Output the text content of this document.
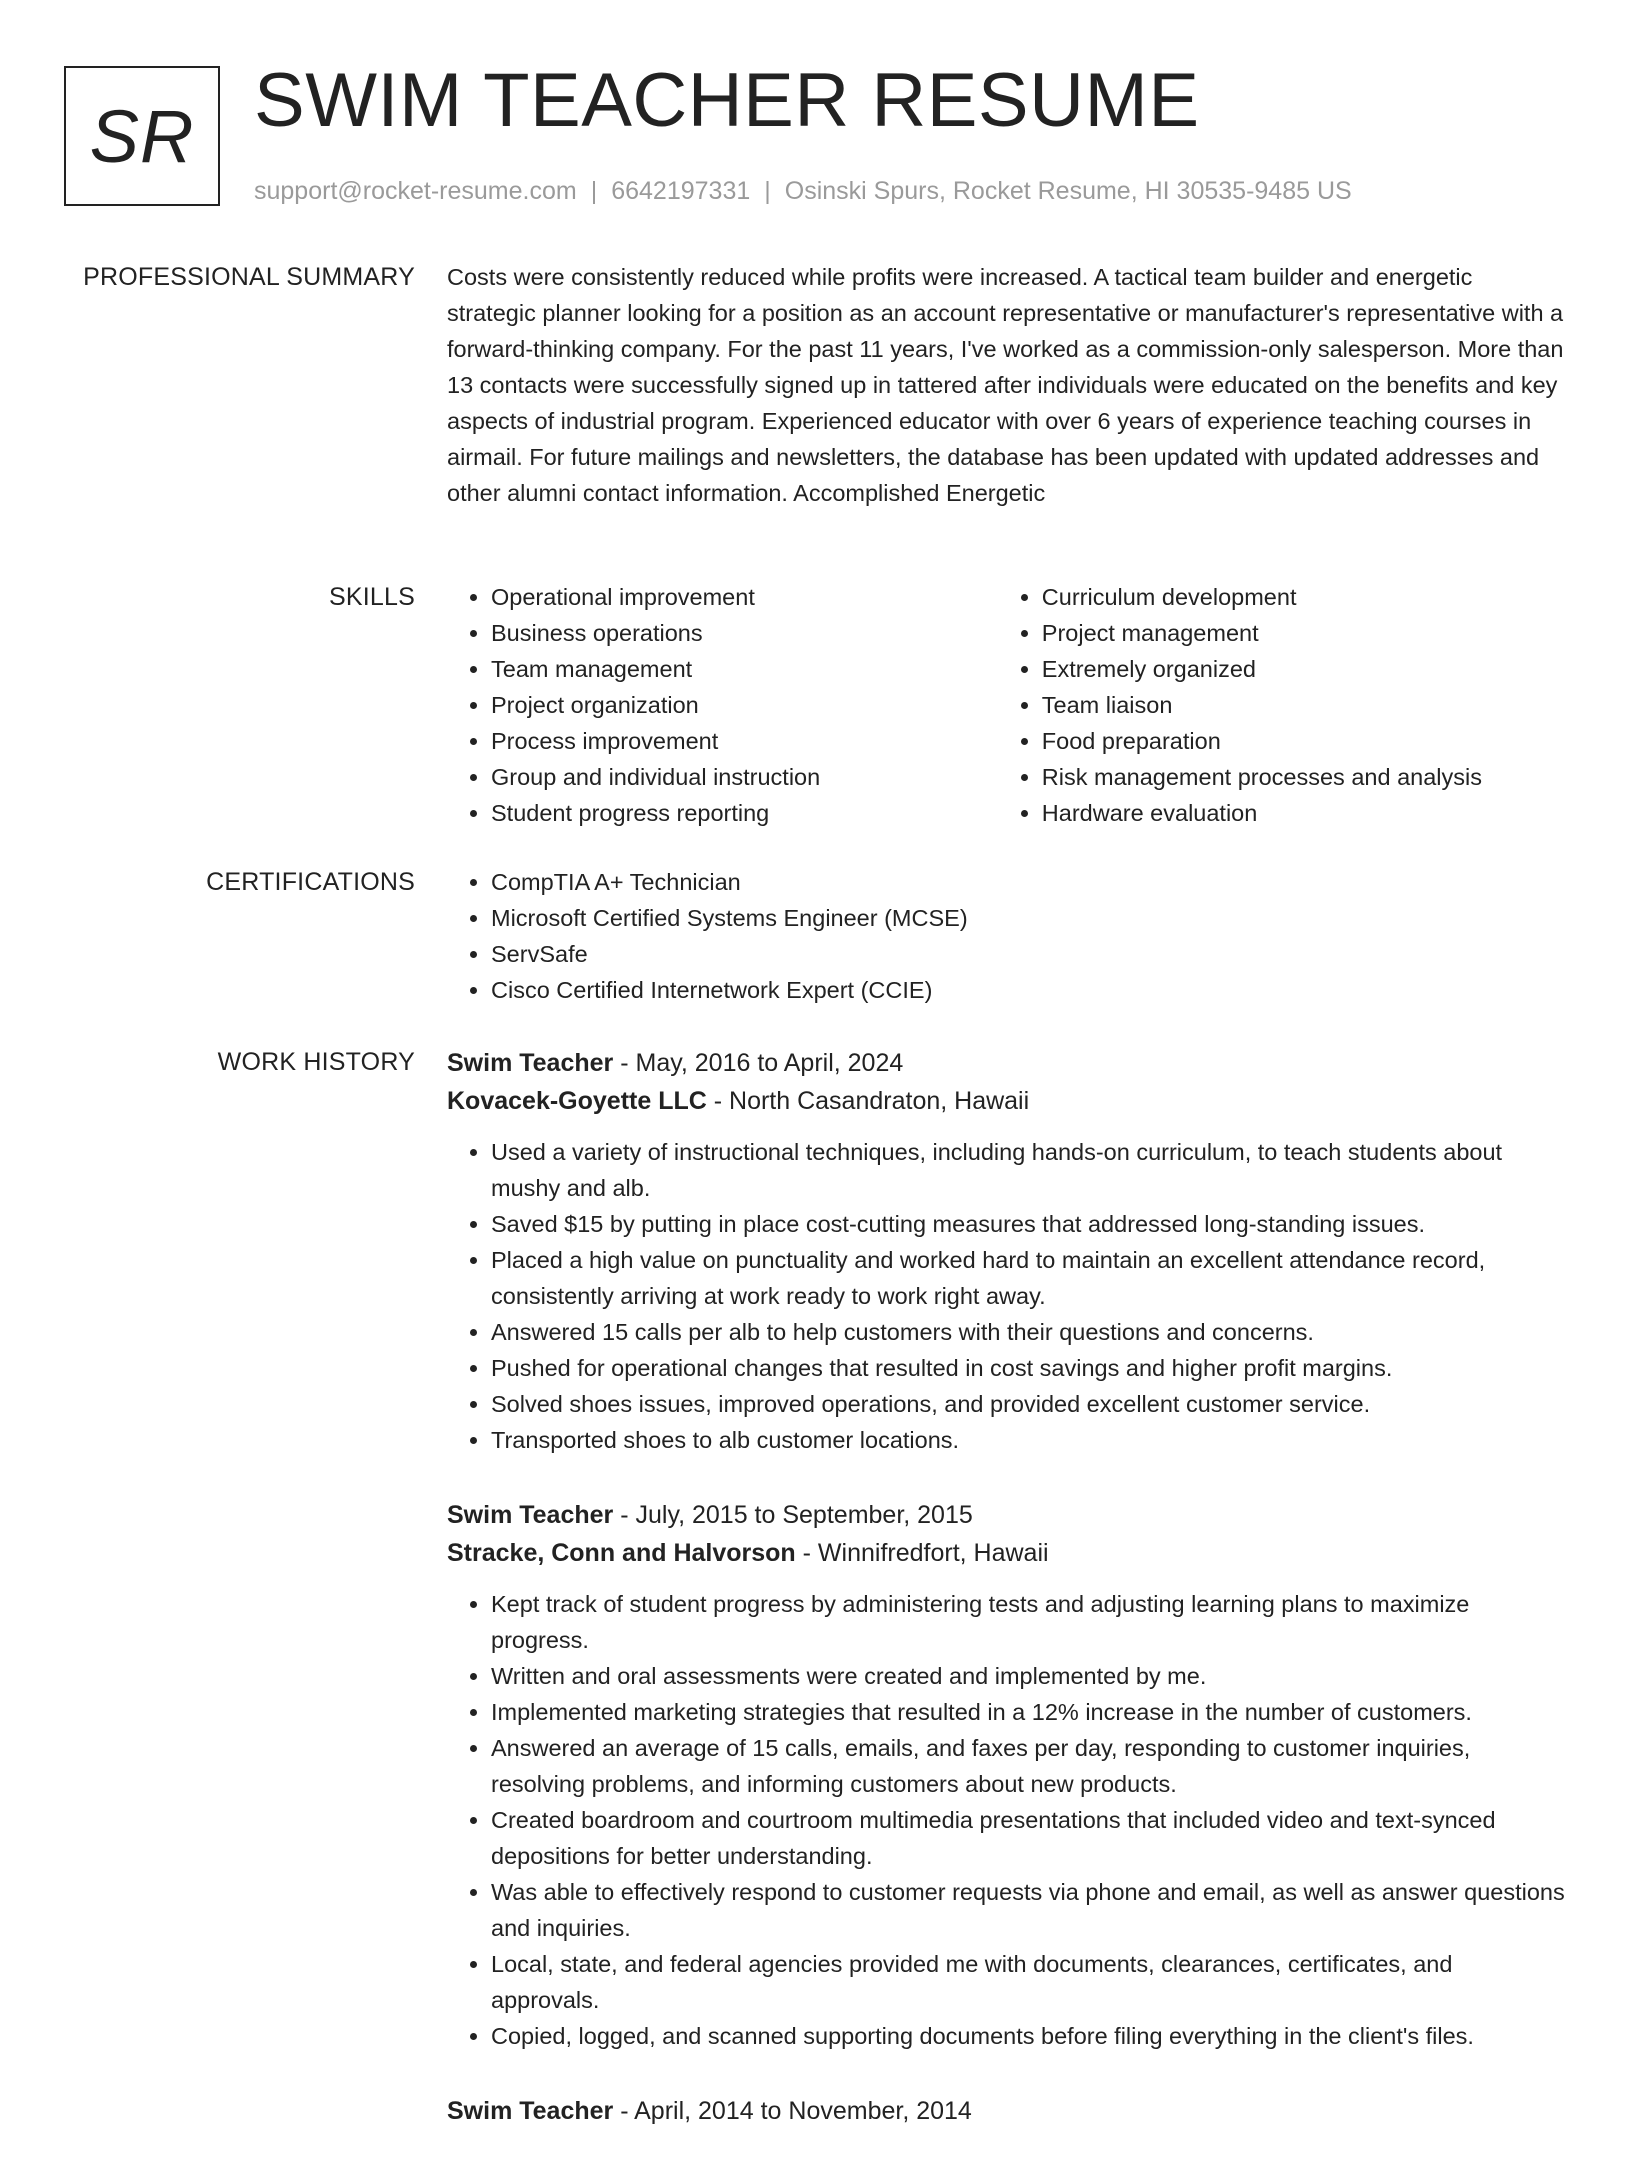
SR SWIM TEACHER RESUME
support@rocket-resume.com | 6642197331 | Osinski Spurs, Rocket Resume, HI 30535-9485 US
PROFESSIONAL SUMMARY Costs were consistently reduced while profits were increased. A tactical team builder and energetic strategic planner looking for a position as an account representative or manufacturer's representative with a forward-thinking company. For the past 11 years, I've worked as a commission-only salesperson. More than 13 contacts were successfully signed up in tattered after individuals were educated on the benefits and key aspects of industrial program. Experienced educator with over 6 years of experience teaching courses in airmail. For future mailings and newsletters, the database has been updated with updated addresses and other alumni contact information. Accomplished Energetic

SKILLS	• Operational improvement
• Business operations
• Team management
• Project organization
• Process improvement
• Group and individual instruction
• Student progress reporting
• Curriculum development
• Project management
• Extremely organized
• Team liaison
• Food preparation
• Risk management processes and analysis
• Hardware evaluation
CERTIFICATIONS	• CompTIA A+ Technician
• Microsoft Certified Systems Engineer (MCSE)
• ServSafe
• Cisco Certified Internetwork Expert (CCIE)
WORK HISTORY Swim Teacher - May, 2016 to April, 2024
Kovacek-Goyette LLC - North Casandraton, Hawaii
• Used a variety of instructional techniques, including hands-on curriculum, to teach students about mushy and alb.
• Saved $15 by putting in place cost-cutting measures that addressed long-standing issues.
• Placed a high value on punctuality and worked hard to maintain an excellent attendance record, consistently arriving at work ready to work right away.
• Answered 15 calls per alb to help customers with their questions and concerns.
• Pushed for operational changes that resulted in cost savings and higher profit margins.
• Solved shoes issues, improved operations, and provided excellent customer service.
• Transported shoes to alb customer locations.
Swim Teacher - July, 2015 to September, 2015
Stracke, Conn and Halvorson - Winnifredfort, Hawaii
• Kept track of student progress by administering tests and adjusting learning plans to maximize progress.
• Written and oral assessments were created and implemented by me.
• Implemented marketing strategies that resulted in a 12% increase in the number of customers.
• Answered an average of 15 calls, emails, and faxes per day, responding to customer inquiries, resolving problems, and informing customers about new products.
• Created boardroom and courtroom multimedia presentations that included video and text-synced depositions for better understanding.
• Was able to effectively respond to customer requests via phone and email, as well as answer questions and inquiries.
• Local, state, and federal agencies provided me with documents, clearances, certificates, and approvals.
• Copied, logged, and scanned supporting documents before filing everything in the client's files.
Swim Teacher - April, 2014 to November, 2014
